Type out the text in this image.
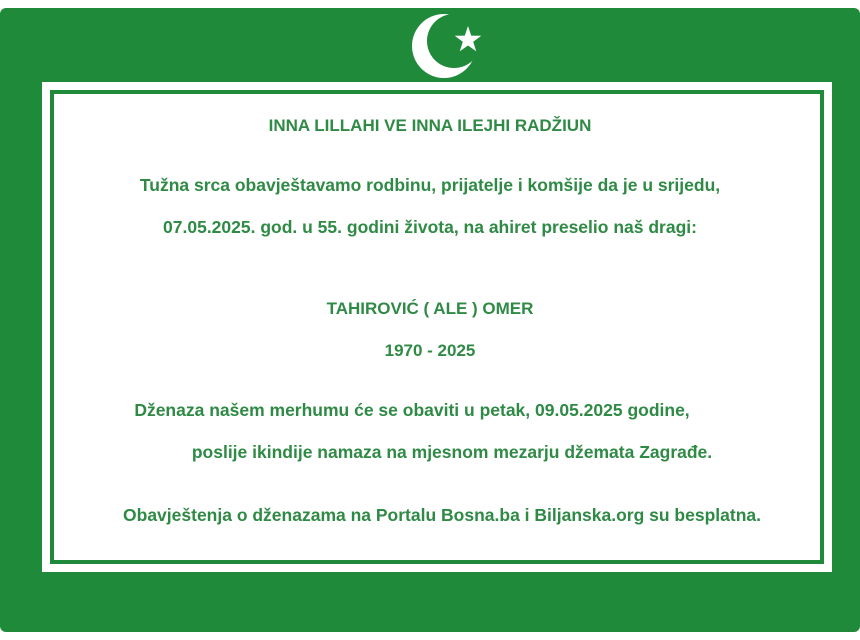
INNA LILLAHI VE INNA ILEJHI RADŽIUN
Tužna srca obavještavamo rodbinu, prijatelje i komšije da je u srijedu,
07.05.2025. god. u 55. godini života, na ahiret preselio naš dragi:
TAHIROVIĆ ( ALE ) OMER
1970 - 2025
Dženaza našem merhumu će se obaviti u petak, 09.05.2025 godine,
poslije ikindije namaza na mjesnom mezarju džemata Zagrađe.
Obavještenja o dženazama na Portalu Bosna.ba i Biljanska.org su besplatna.
